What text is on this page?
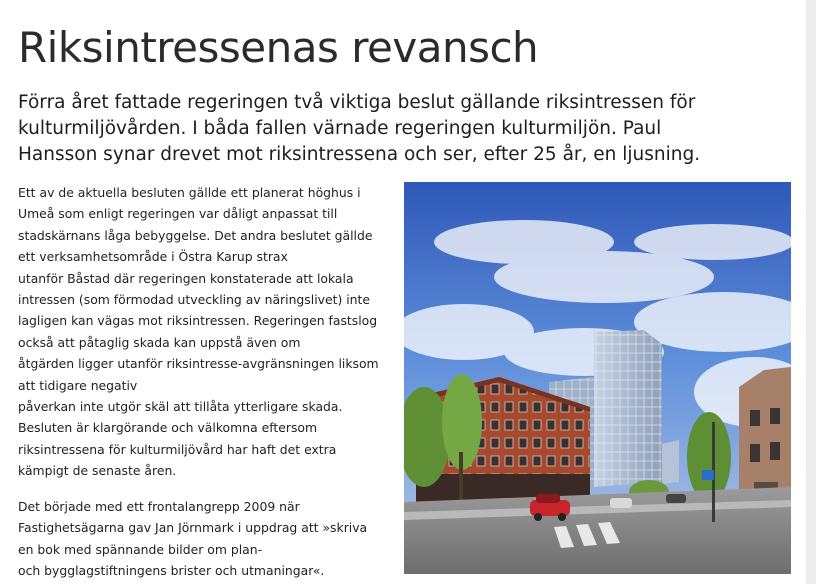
Riksintressenas revansch

Förra året fattade regeringen två viktiga beslut gällande riksintressen för kulturmiljövården. I båda fallen värnade regeringen kulturmiljön. Paul Hansson synar drevet mot riksintressena och ser, efter 25 år, en ljusning.

Ett av de aktuella besluten gällde ett planerat höghus i
Umeå som enligt regeringen var dåligt anpassat till
stadskärnans låga bebyggelse. Det andra beslutet gällde
ett verksamhetsområde i Östra Karup strax
utanför Båstad där regeringen konstaterade att lokala
intressen (som förmodad utveckling av näringslivet) inte
lagligen kan vägas mot riksintressen. Regeringen fastslog
också att påtaglig skada kan uppstå även om
åtgärden ligger utanför riksintresse-avgränsningen liksom
att tidigare negativ
påverkan inte utgör skäl att tillåta ytterligare skada.
Besluten är klargörande och välkomna eftersom
riksintressena för kulturmiljövård har haft det extra
kämpigt de senaste åren.

Det började med ett frontalangrepp 2009 när
Fastighetsägarna gav Jan Jörnmark i uppdrag att »skriva
en bok med spännande bilder om plan-
och bygglagstiftningens brister och utmaningar«.
